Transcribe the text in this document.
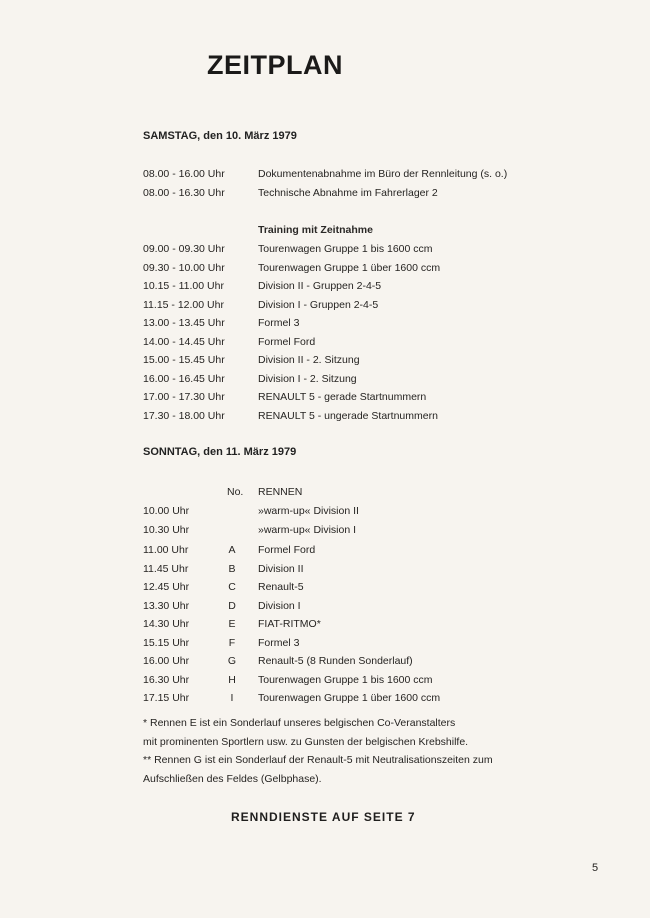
ZEITPLAN
SAMSTAG, den 10. März 1979
08.00 - 16.00 Uhr	Dokumentenabnahme im Büro der Rennleitung (s. o.)
08.00 - 16.30 Uhr	Technische Abnahme im Fahrerlager 2
Training mit Zeitnahme
09.00 - 09.30 Uhr	Tourenwagen Gruppe 1 bis 1600 ccm
09.30 - 10.00 Uhr	Tourenwagen Gruppe 1 über 1600 ccm
10.15 - 11.00 Uhr	Division II - Gruppen 2-4-5
11.15 - 12.00 Uhr	Division I - Gruppen 2-4-5
13.00 - 13.45 Uhr	Formel 3
14.00 - 14.45 Uhr	Formel Ford
15.00 - 15.45 Uhr	Division II - 2. Sitzung
16.00 - 16.45 Uhr	Division I - 2. Sitzung
17.00 - 17.30 Uhr	RENAULT 5 - gerade Startnummern
17.30 - 18.00 Uhr	RENAULT 5 - ungerade Startnummern
SONNTAG, den 11. März 1979
No. RENNEN
10.00 Uhr	»warm-up« Division II
10.30 Uhr	»warm-up« Division I
11.00 Uhr	A Formel Ford
11.45 Uhr	B Division II
12.45 Uhr	C Renault-5
13.30 Uhr	D Division I
14.30 Uhr	E FIAT-RITMO*
15.15 Uhr	F Formel 3
16.00 Uhr	G Renault-5 (8 Runden Sonderlauf)
16.30 Uhr	H Tourenwagen Gruppe 1 bis 1600 ccm
17.15 Uhr	I	Tourenwagen Gruppe 1 über 1600 ccm
* Rennen E ist ein Sonderlauf unseres belgischen Co-Veranstalters
mit prominenten Sportlern usw. zu Gunsten der belgischen Krebshilfe.
** Rennen G ist ein Sonderlauf der Renault-5 mit Neutralisationszeiten zum
Aufschließen des Feldes (Gelbphase).
RENNDIENSTE AUF SEITE 7
5
